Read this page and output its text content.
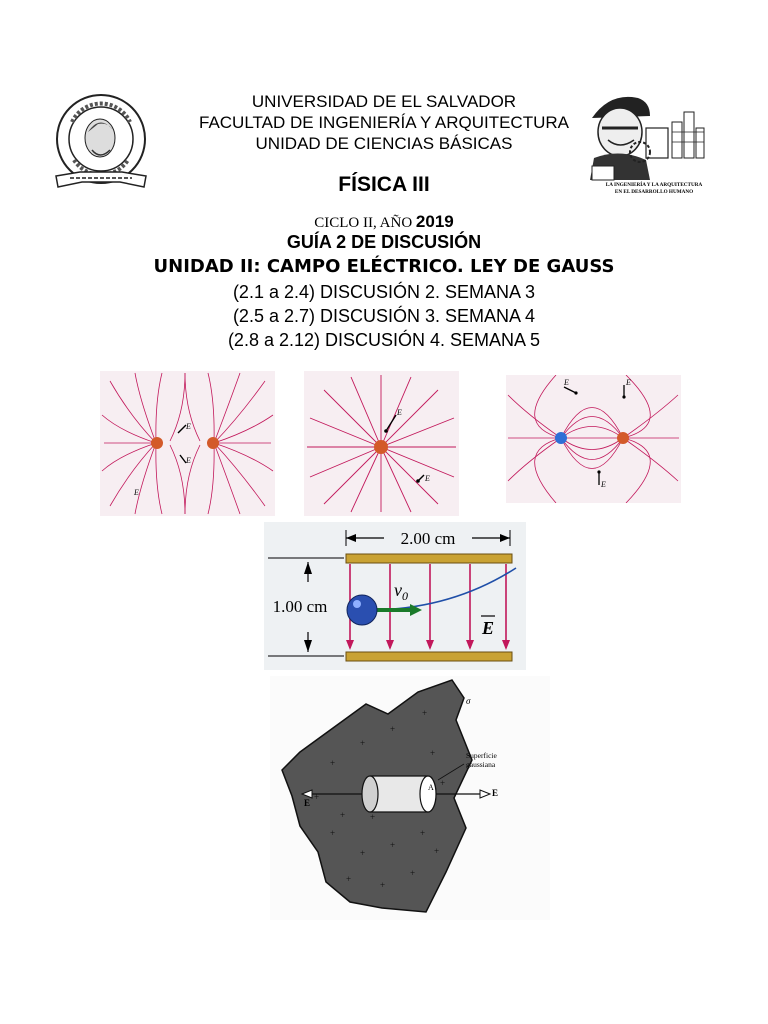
LA INGENIERÍA Y LA ARQUITECTURA
EN EL DESARROLLO HUMANO
UNIVERSIDAD DE EL SALVADOR
FACULTAD DE INGENIERÍA Y ARQUITECTURA
UNIDAD DE CIENCIAS BÁSICAS
FÍSICA III
CICLO II, AÑO 2019
GUÍA 2 DE DISCUSIÓN
UNIDAD II: CAMPO ELÉCTRICO. LEY DE GAUSS
(2.1 a 2.4) DISCUSIÓN 2. SEMANA 3
(2.5 a 2.7) DISCUSIÓN 3. SEMANA 4
(2.8 a 2.12) DISCUSIÓN 4. SEMANA 5
E
E
E
E
E
E	E
E
2.00 cm
1.00 cm
$v_0$
E
+
+
+
+
+
+
+
+
+
+
+
+
+
+
+
+
+
E
E
A
σ
Superficie
gaussiana
